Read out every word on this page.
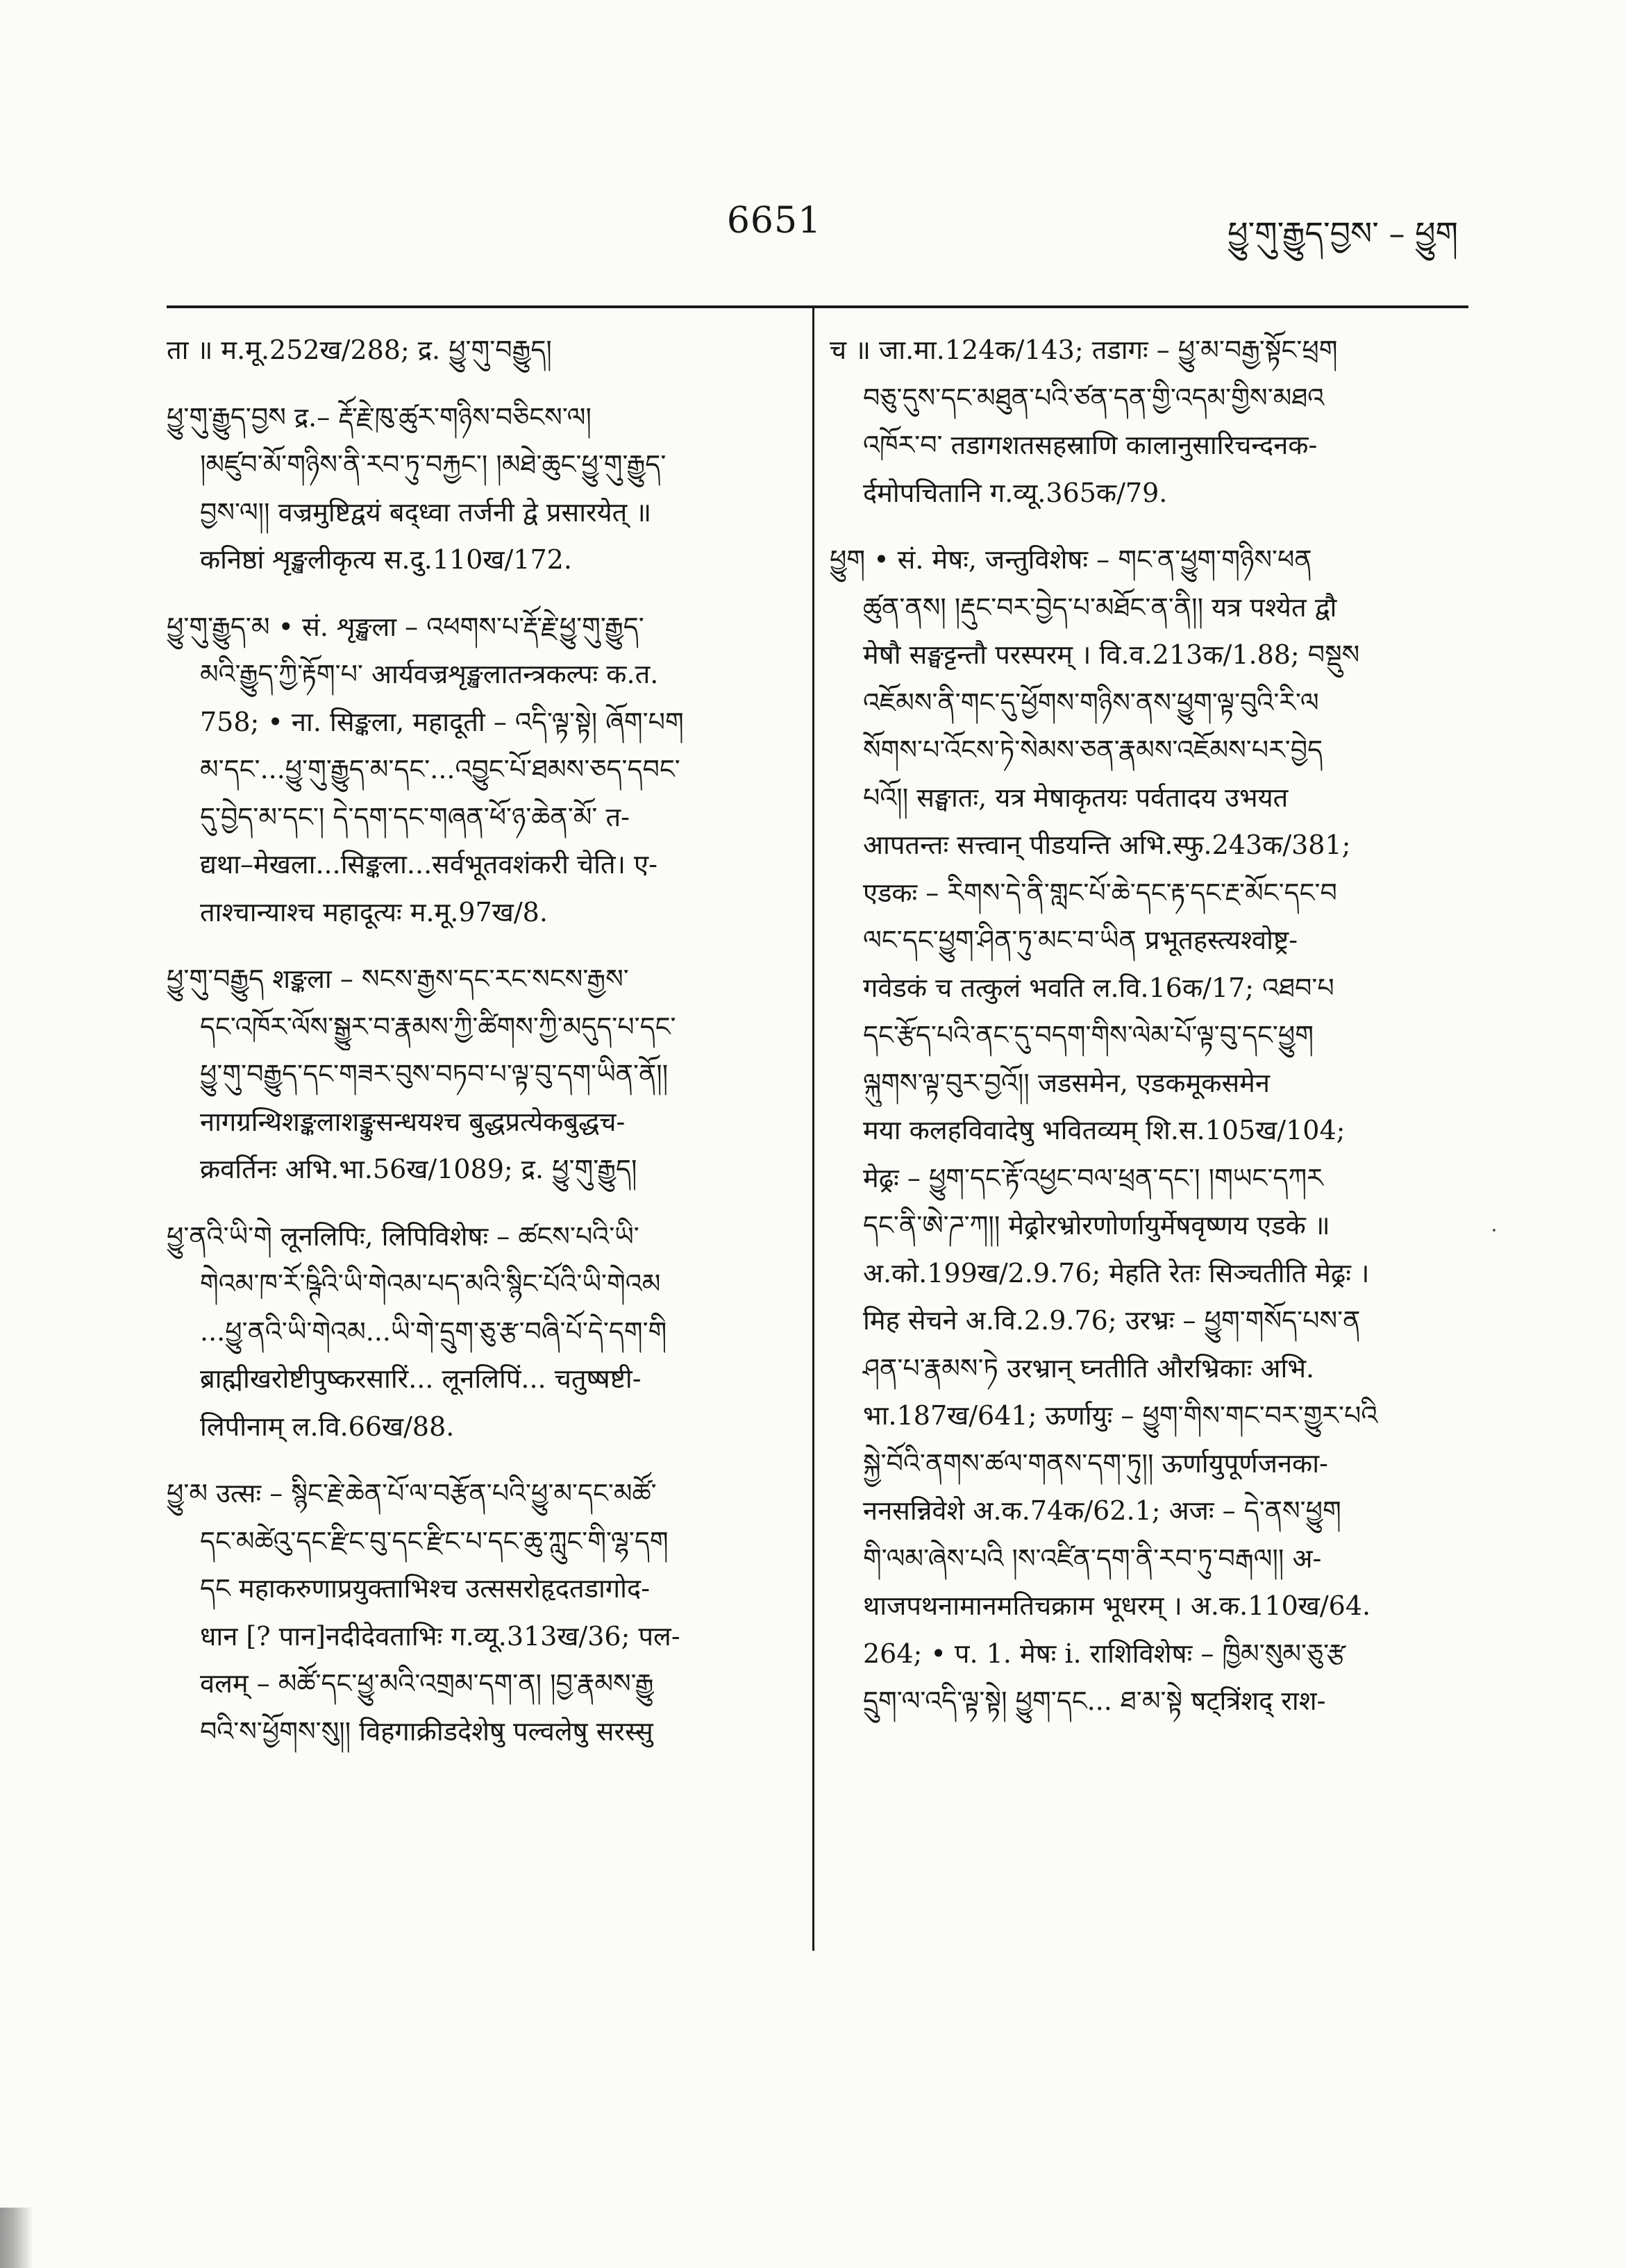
6651	ཕྱུ་གུ་རྒྱུད་བྱས་ – ཕྱུག
ता ॥ म.मू.252ख/288; द्र. ཕྱུ་གུ་བརྒྱུད།
ཕྱུ་གུ་རྒྱུད་བྱས द्र.– རྡོ་རྗེ་ཁུ་ཚུར་གཉིས་བཅིངས་ལ།
།མཛུབ་མོ་གཉིས་ནི་རབ་ཏུ་བརྐྱང་། །མཐེ་ཆུང་ཕྱུ་གུ་རྒྱུད་
བྱས་ལ།། वज्रमुष्टिद्वयं बद्ध्वा तर्जनी द्वे प्रसारयेत् ॥
कनिष्ठां शृङ्खलीकृत्य स.दु.110ख/172.
ཕྱུ་གུ་རྒྱུད་མ • सं. शृङ्खला – འཕགས་པ་རྡོ་རྗེ་ཕྱུ་གུ་རྒྱུད་
མའི་རྒྱུད་ཀྱི་རྟོག་པ་ आर्यवज्रशृङ्खलातन्त्रकल्पः क.त.
758; • ना. सिङ्कला, महादूती – འདི་ལྟ་སྟེ། ཞོག་པག
མ་དང་...ཕྱུ་གུ་རྒྱུད་མ་དང་...འབྱུང་པོ་ཐམས་ཅད་དབང་
དུ་བྱེད་མ་དང་། དེ་དག་དང་གཞན་ཕོ་ཉ་ཆེན་མོ་ त-
द्यथा–मेखला...सिङ्कला...सर्वभूतवशंकरी चेति। ए-
ताश्चान्याश्च महादूत्यः म.मू.97ख/8.
ཕྱུ་གུ་བརྒྱུད शङ्कला – སངས་རྒྱས་དང་རང་སངས་རྒྱས་
དང་འཁོར་ལོས་སྒྱུར་བ་རྣམས་ཀྱི་ཚིགས་ཀྱི་མདུད་པ་དང་
ཕྱུ་གུ་བརྒྱུད་དང་གཟར་བུས་བཏབ་པ་ལྟ་བུ་དག་ཡིན་ནོ།།
नागग्रन्थिशङ्कलाशङ्कुसन्धयश्च बुद्धप्रत्येकबुद्धच-
क्रवर्तिनः अभि.भा.56ख/1089; द्र. ཕྱུ་གུ་རྒྱུད།
ཕྱུ་ནའི་ཡི་གེ लूनलिपिः, लिपिविशेषः – ཚངས་པའི་ཡི་
གེའམ་ཁ་རོ་ཥྚིའི་ཡི་གེའམ་པད་མའི་སྙིང་པོའི་ཡི་གེའམ
...ཕྱུ་ནའི་ཡི་གེའམ...ཡི་གེ་དྲུག་ཅུ་རྩ་བཞི་པོ་དེ་དག་གི
ब्राह्मीखरोष्टीपुष्करसारिं... लूनलिपिं... चतुष्षष्टी-
लिपीनाम् ल.वि.66ख/88.
ཕྱུ་མ उत्सः – སྙིང་རྗེ་ཆེན་པོ་ལ་བརྩོན་པའི་ཕྱུ་མ་དང་མཚོ་
དང་མཚེའུ་དང་རྫིང་བུ་དང་རྫིང་པ་དང་ཆུ་ཀླུང་གི་ལྷ་དག
དང महाकरुणाप्रयुक्ताभिश्च उत्ससरोहृदतडागोद-
धान [? पान]नदीदेवताभिः ग.व्यू.313ख/36; पल-
वलम् – མཚོ་དང་ཕྱུ་མའི་འགྲམ་དག་ན། །བྱ་རྣམས་རྒྱུ
བའི་ས་ཕྱོགས་སུ།། विहगाक्रीडदेशेषु पल्वलेषु सरस्सु
च ॥ जा.मा.124क/143; तडागः – ཕྱུ་མ་བརྒྱ་སྟོང་ཕྲག
བཅུ་དུས་དང་མཐུན་པའི་ཙན་དན་གྱི་འདམ་གྱིས་མཐའ
འཁོར་བ་ तडागशतसहस्राणि कालानुसारिचन्दनक-
र्दमोपचितानि ग.व्यू.365क/79.
ཕྱུག • सं. मेषः, जन्तुविशेषः – གང་ན་ཕྱུག་གཉིས་ཕན
ཚུན་ནས། །རྡུང་བར་བྱེད་པ་མཐོང་ན་ནི།། यत्र पश्येत द्वौ
मेषौ सङ्घट्टन्तौ परस्परम् । वि.व.213क/1.88; བསྡུས
འཇོམས་ནི་གང་དུ་ཕྱོགས་གཉིས་ནས་ཕྱུག་ལྟ་བུའི་རི་ལ
སོགས་པ་འོངས་ཏེ་སེམས་ཅན་རྣམས་འཇོམས་པར་བྱེད
པའོ།། सङ्घातः, यत्र मेषाकृतयः पर्वतादय उभयत
आपतन्तः सत्त्वान् पीडयन्ति अभि.स्फु.243क/381;
एडकः – རིགས་དེ་ནི་གླང་པོ་ཆེ་དང་རྟ་དང་རྔ་མོང་དང་བ
ལང་དང་ཕྱུག་ཤིན་ཏུ་མང་བ་ཡིན प्रभूतहस्त्यश्वोष्ट्र-
गवेडकं च तत्कुलं भवति ल.वि.16क/17; འཐབ་པ
དང་རྩོད་པའི་ནང་དུ་བདག་གིས་ལེམ་པོ་ལྟ་བུ་དང་ཕྱུག
ལྐུགས་ལྟ་བུར་བྱའོ།། जडसमेन, एडकमूकसमेन
मया कलहविवादेषु भवितव्यम् शि.स.105ख/104;
मेढ्रः – ཕྱུག་དང་རྟོ་འཕྱང་བལ་ཕྲན་དང་། །གཡང་དཀར
དང་ནི་ཨེ་ཌ་ཀ།། मेढ्रोरभ्रोरणोर्णायुर्मेषवृष्णय एडके ॥
अ.को.199ख/2.9.76; मेहति रेतः सिञ्चतीति मेढ्रः ।
मिह सेचने अ.वि.2.9.76; उरभ्रः – ཕྱུག་གསོད་པས་ན
ཤན་པ་རྣམས་ཏེ उरभ्रान् घ्नतीति औरभ्रिकाः अभि.
भा.187ख/641; ऊर्णायुः – ཕྱུག་གིས་གང་བར་གྱུར་པའི
སྐྱེ་བོའི་ནགས་ཚལ་གནས་དག་ཏུ།། ऊर्णायुपूर्णजनका-
ननसन्निवेशे अ.क.74क/62.1; अजः – དེ་ནས་ཕྱུག
གི་ལམ་ཞེས་པའི །ས་འཛིན་དག་ནི་རབ་ཏུ་བརྒལ།། अ-
थाजपथनामानमतिचक्राम भूधरम् । अ.क.110ख/64.
264; • प. 1. मेषः i. राशिविशेषः – ཁྱིམ་སུམ་ཅུ་རྩ
དྲུག་ལ་འདི་ལྟ་སྟེ། ཕྱུག་དང... ཐ་མ་སྟེ षट्त्रिंशद् राश-
